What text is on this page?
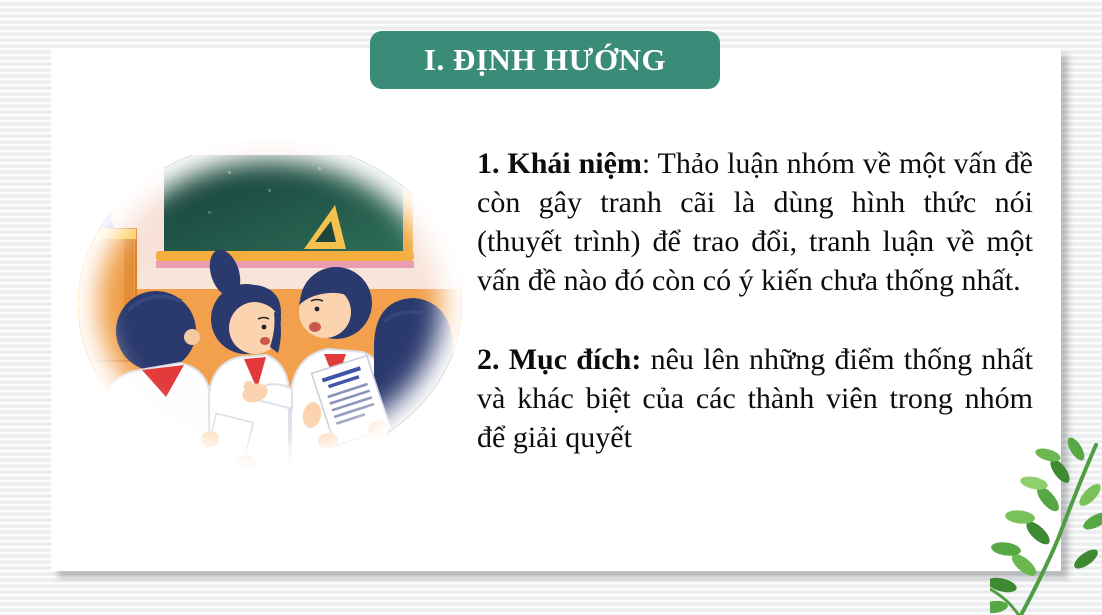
I. ĐỊNH HƯỚNG

1. Khái niệm: Thảo luận nhóm về một vấn đề còn gây tranh cãi là dùng hình thức nói (thuyết trình) để trao đổi, tranh luận về một vấn đề nào đó còn có ý kiến chưa thống nhất.

2. Mục đích: nêu lên những điểm thống nhất và khác biệt của các thành viên trong nhóm để giải quyết
